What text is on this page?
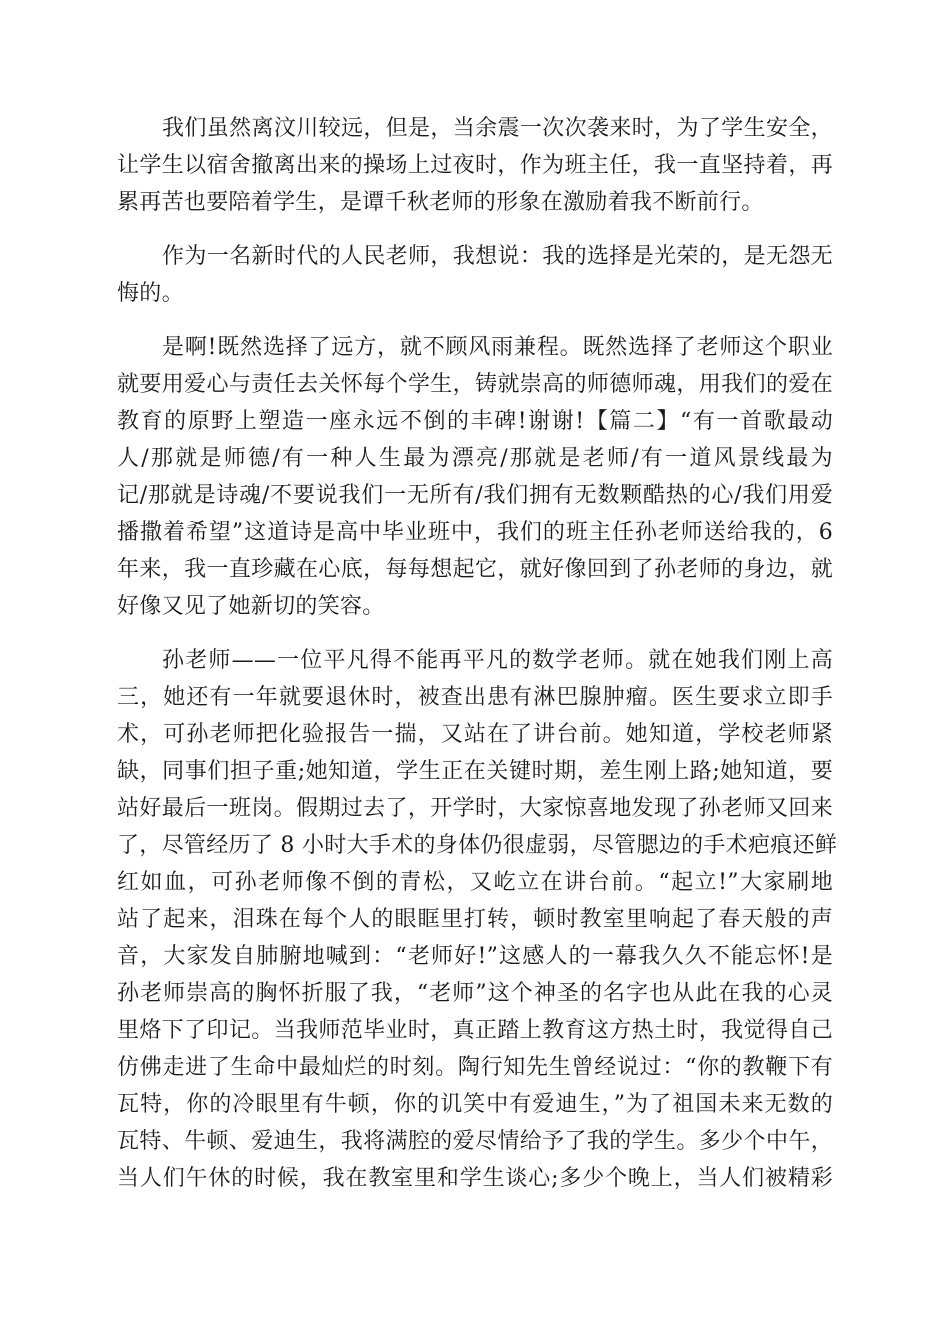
我们虽然离汶川较远，但是，当余震一次次袭来时，为了学生安全，
让学生以宿舍撤离出来的操场上过夜时，作为班主任，我一直坚持着，再
累再苦也要陪着学生，是谭千秋老师的形象在激励着我不断前行。
作为一名新时代的人民老师，我想说：我的选择是光荣的，是无怨无
悔的。
是啊!既然选择了远方，就不顾风雨兼程。既然选择了老师这个职业
就要用爱心与责任去关怀每个学生，铸就崇高的师德师魂，用我们的爱在
教育的原野上塑造一座永远不倒的丰碑!谢谢!【篇二】“有一首歌最动
人/那就是师德/有一种人生最为漂亮/那就是老师/有一道风景线最为
记/那就是诗魂/不要说我们一无所有/我们拥有无数颗酷热的心/我们用爱
播撒着希望”这道诗是高中毕业班中，我们的班主任孙老师送给我的，6
年来，我一直珍藏在心底，每每想起它，就好像回到了孙老师的身边，就
好像又见了她新切的笑容。
孙老师——一位平凡得不能再平凡的数学老师。就在她我们刚上高
三，她还有一年就要退休时，被查出患有淋巴腺肿瘤。医生要求立即手
术，可孙老师把化验报告一揣，又站在了讲台前。她知道，学校老师紧
缺，同事们担子重;她知道，学生正在关键时期，差生刚上路;她知道，要
站好最后一班岗。假期过去了，开学时，大家惊喜地发现了孙老师又回来
了，尽管经历了 8 小时大手术的身体仍很虚弱，尽管腮边的手术疤痕还鲜
红如血，可孙老师像不倒的青松，又屹立在讲台前。“起立!”大家刷地
站了起来，泪珠在每个人的眼眶里打转，顿时教室里响起了春天般的声
音，大家发自肺腑地喊到：“老师好!”这感人的一幕我久久不能忘怀!是
孙老师崇高的胸怀折服了我，“老师”这个神圣的名字也从此在我的心灵
里烙下了印记。当我师范毕业时，真正踏上教育这方热土时，我觉得自己
仿佛走进了生命中最灿烂的时刻。陶行知先生曾经说过：“你的教鞭下有
瓦特，你的冷眼里有牛顿，你的讥笑中有爱迪生，”为了祖国未来无数的
瓦特、牛顿、爱迪生，我将满腔的爱尽情给予了我的学生。多少个中午，
当人们午休的时候，我在教室里和学生谈心;多少个晚上，当人们被精彩
